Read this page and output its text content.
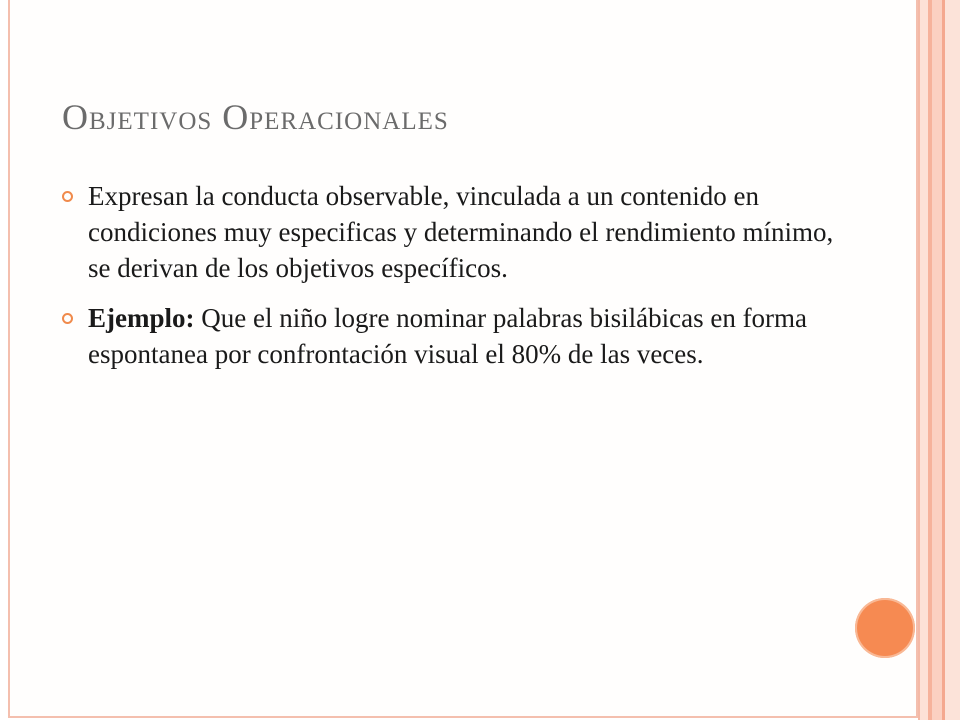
Objetivos Operacionales
Expresan la conducta observable, vinculada a un contenido en condiciones muy especificas y determinando el rendimiento mínimo, se derivan de los objetivos específicos.
Ejemplo: Que el niño logre nominar palabras bisilábicas en forma espontanea por confrontación visual el 80% de las veces.
